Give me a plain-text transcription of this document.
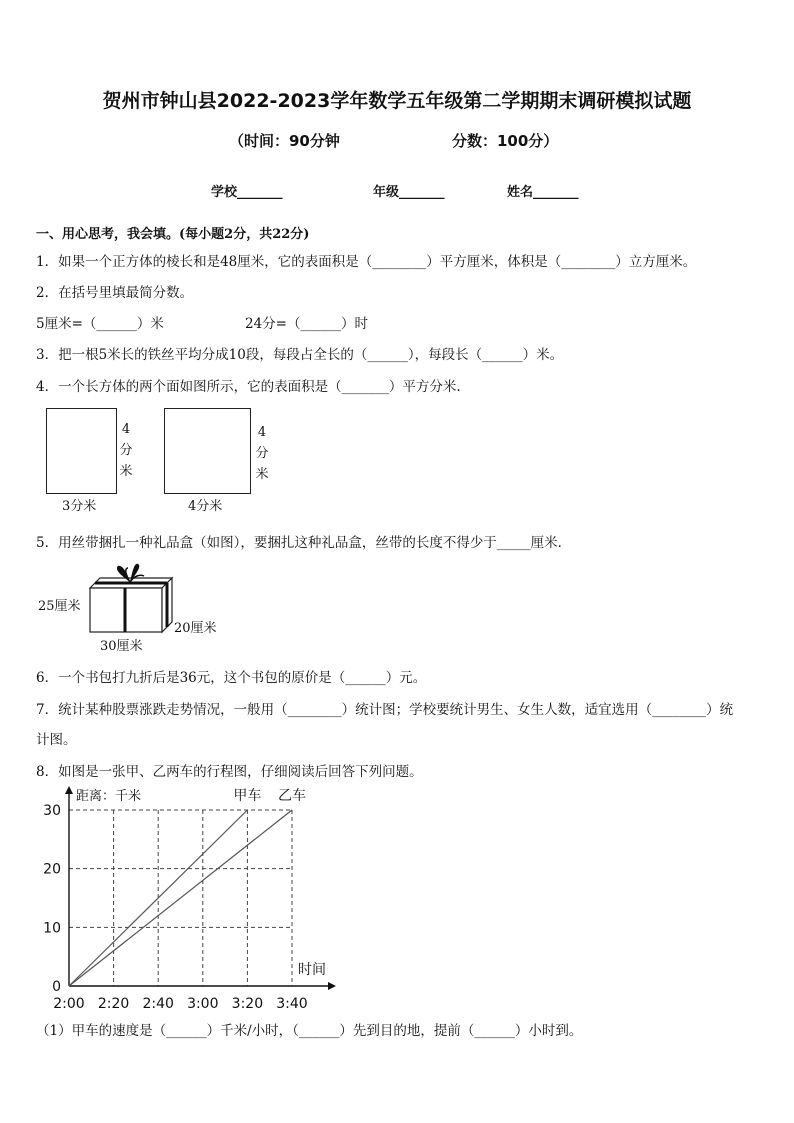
贺州市钟山县2022-2023学年数学五年级第二学期期末调研模拟试题
（时间：90分钟	分数：100分）
学校_______	年级_______	姓名_______
一、用心思考，我会填。(每小题2分，共22分)
1．如果一个正方体的棱长和是48厘米，它的表面积是（________）平方厘米，体积是（________）立方厘米。
2．在括号里填最简分数。
5厘米=（______）米	24分=（______）时
3．把一根5米长的铁丝平均分成10段，每段占全长的（______），每段长（______）米。
4．一个长方体的两个面如图所示，它的表面积是（_______）平方分米.
4
分
米
3分米
4
分
米
4分米
5．用丝带捆扎一种礼品盒（如图），要捆扎这种礼品盒，丝带的长度不得少于_____厘米．
25厘米
20厘米
30厘米
6．一个书包打九折后是36元，这个书包的原价是（______）元。
7．统计某种股票涨跌走势情况，一般用（________）统计图；学校要统计男生、女生人数，适宜选用（________）统
计图。
8．如图是一张甲、乙两车的行程图，仔细阅读后回答下列问题。
0
10
20
30
2:00 2:20 2:40 3:00 3:20 3:40
距离：千米
时间
甲车 乙车
（1）甲车的速度是（______）千米/小时，（______）先到目的地，提前（______）小时到。
